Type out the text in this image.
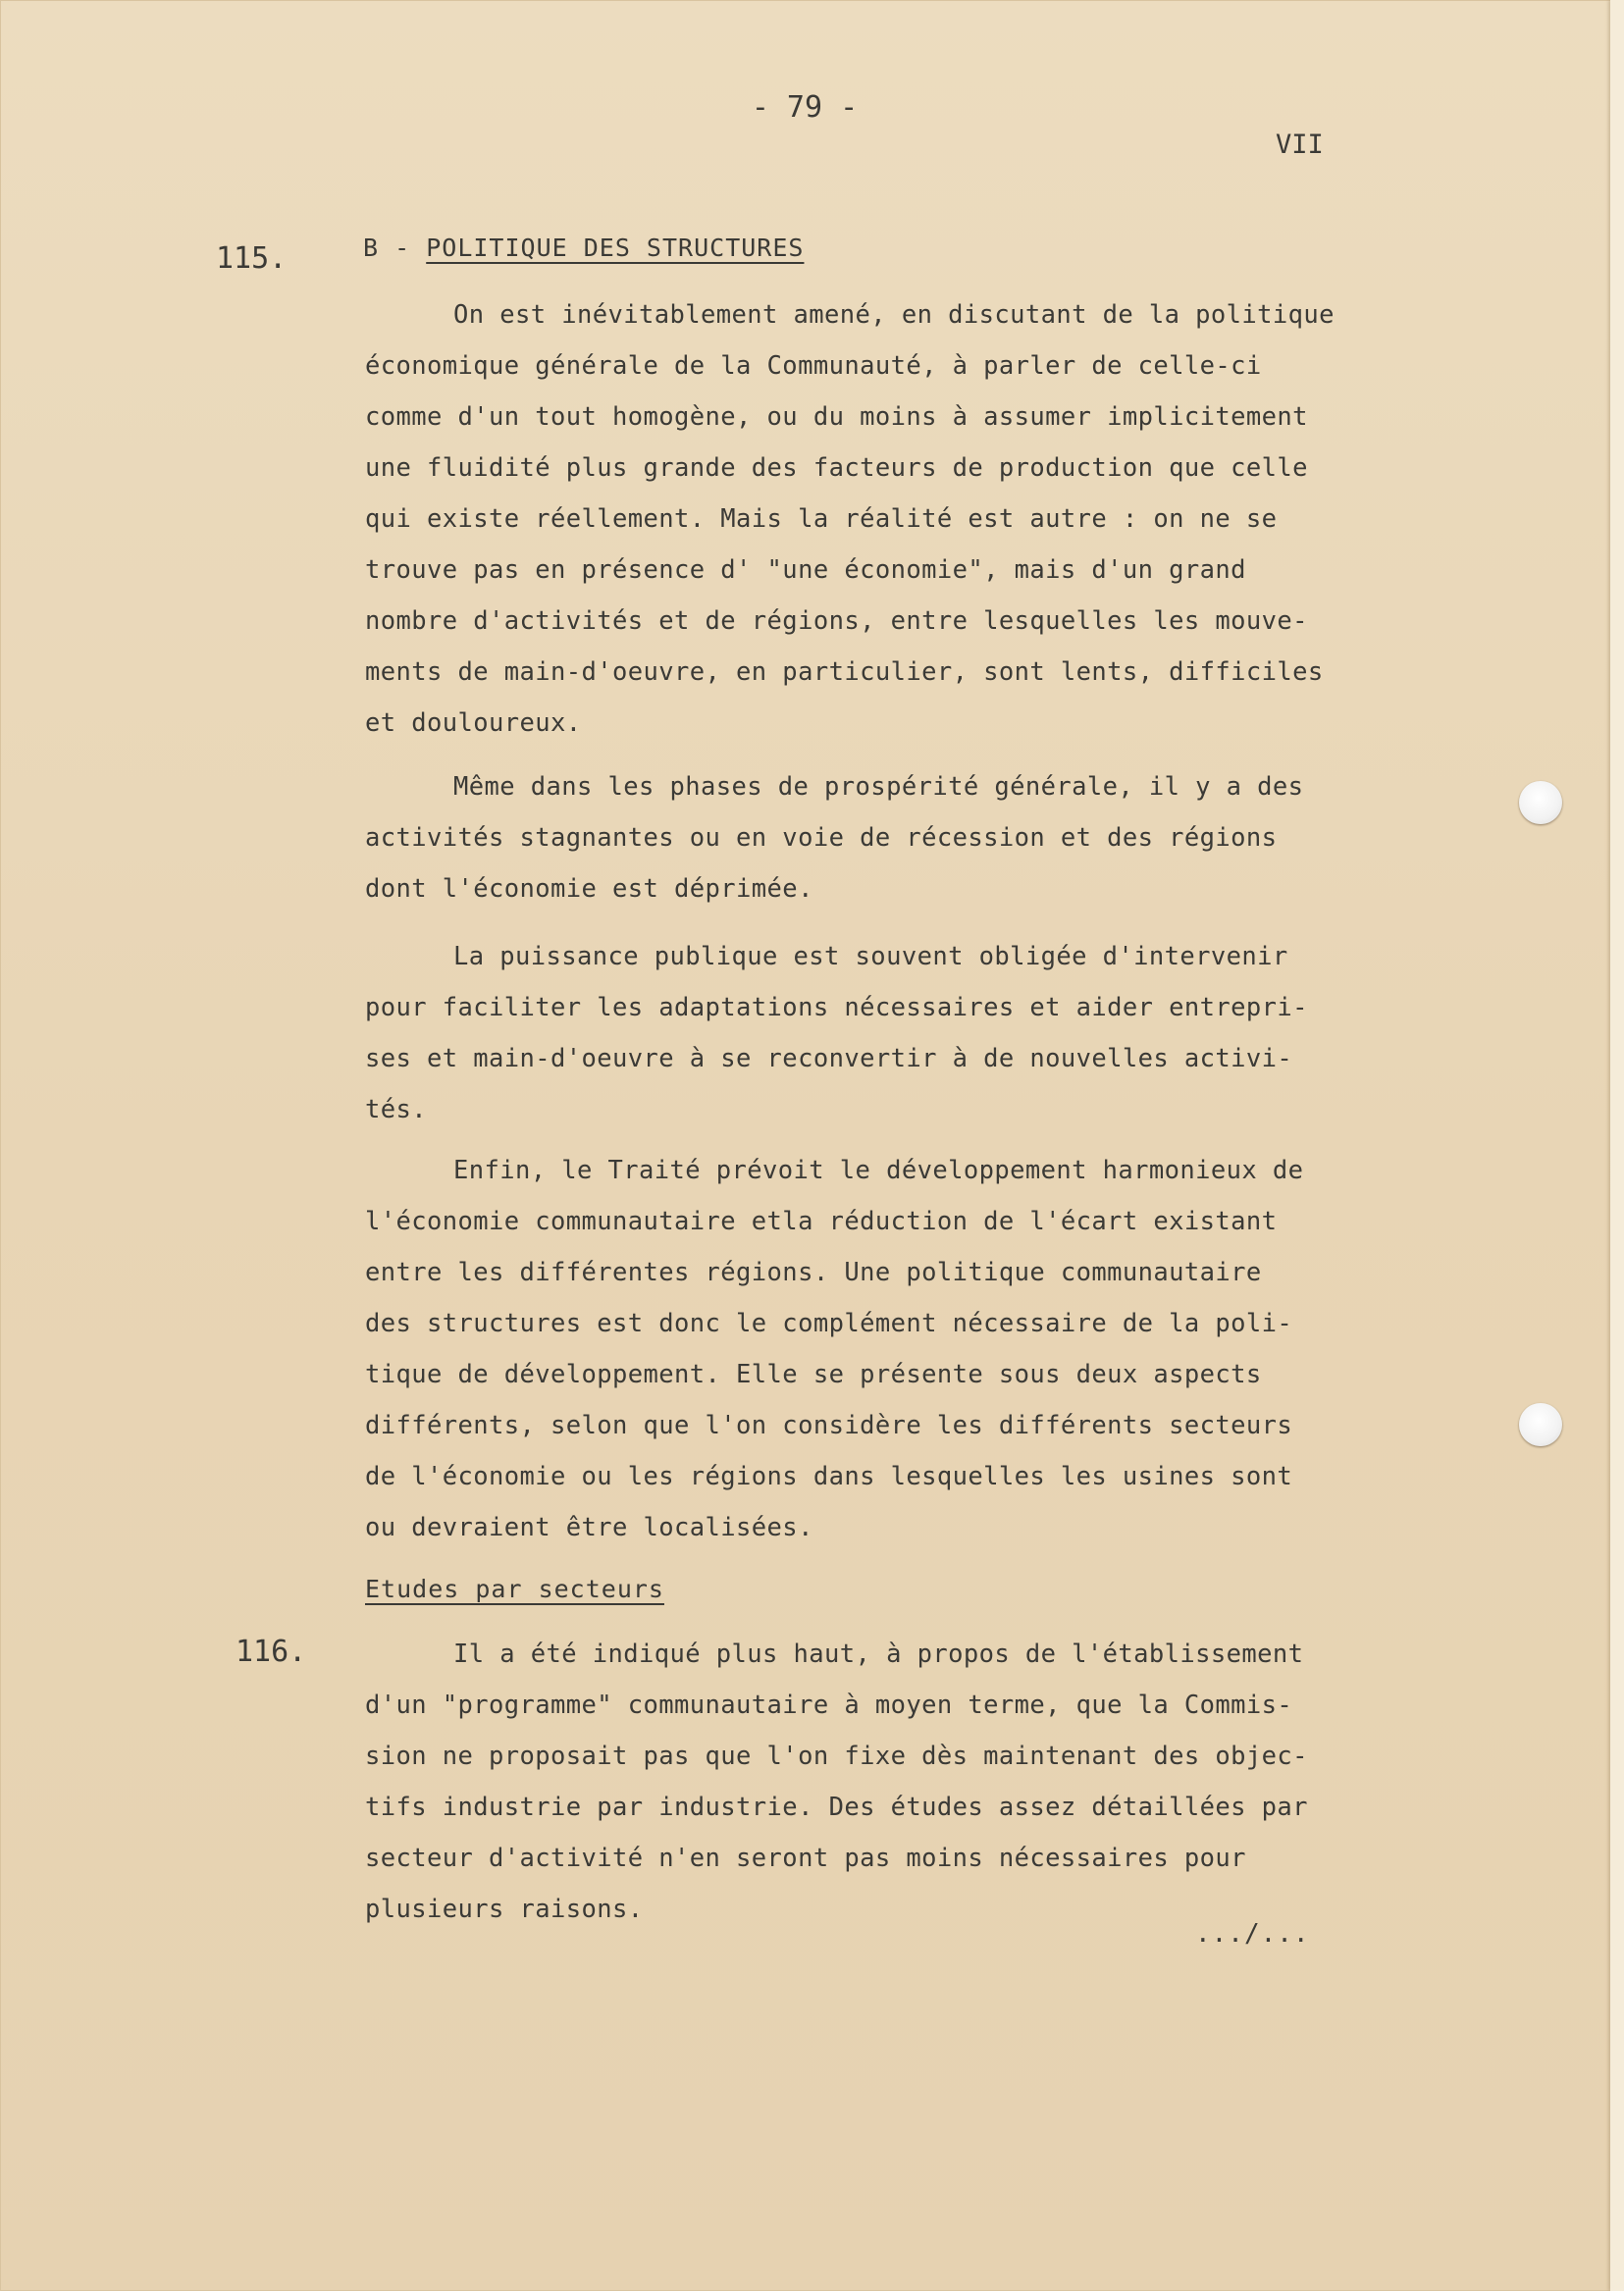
- 79 -
VII
115.	B - POLITIQUE DES STRUCTURES
On est inévitablement amené, en discutant de la politique
économique générale de la Communauté, à parler de celle-ci
comme d'un tout homogène, ou du moins à assumer implicitement
une fluidité plus grande des facteurs de production que celle
qui existe réellement. Mais la réalité est autre : on ne se
trouve pas en présence d' "une économie", mais d'un grand
nombre d'activités et de régions, entre lesquelles les mouve-
ments de main-d'oeuvre, en particulier, sont lents, difficiles
et douloureux.
Même dans les phases de prospérité générale, il y a des
activités stagnantes ou en voie de récession et des régions
dont l'économie est déprimée.
La puissance publique est souvent obligée d'intervenir
pour faciliter les adaptations nécessaires et aider entrepri-
ses et main-d'oeuvre à se reconvertir à de nouvelles activi-
tés.
Enfin, le Traité prévoit le développement harmonieux de
l'économie communautaire etla réduction de l'écart existant
entre les différentes régions. Une politique communautaire
des structures est donc le complément nécessaire de la poli-
tique de développement. Elle se présente sous deux aspects
différents, selon que l'on considère les différents secteurs
de l'économie ou les régions dans lesquelles les usines sont
ou devraient être localisées.
Etudes par secteurs
116.	Il a été indiqué plus haut, à propos de l'établissement
d'un "programme" communautaire à moyen terme, que la Commis-
sion ne proposait pas que l'on fixe dès maintenant des objec-
tifs industrie par industrie. Des études assez détaillées par
secteur d'activité n'en seront pas moins nécessaires pour
plusieurs raisons.
.../...
